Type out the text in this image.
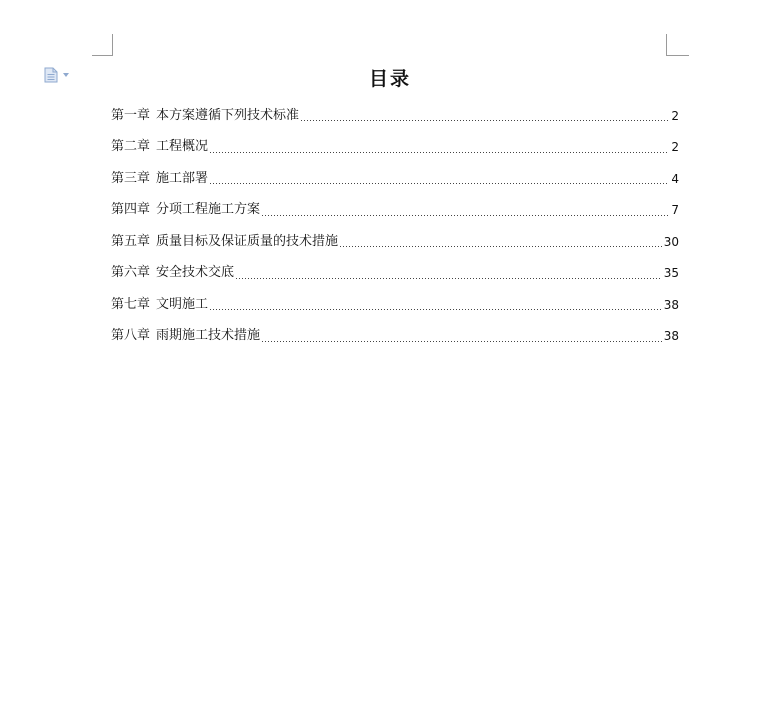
目录
第一章 本方案遵循下列技术标准	2
第二章 工程概况	2
第三章 施工部署	4
第四章 分项工程施工方案	7
第五章 质量目标及保证质量的技术措施	30
第六章 安全技术交底	35
第七章 文明施工	38
第八章 雨期施工技术措施	38
